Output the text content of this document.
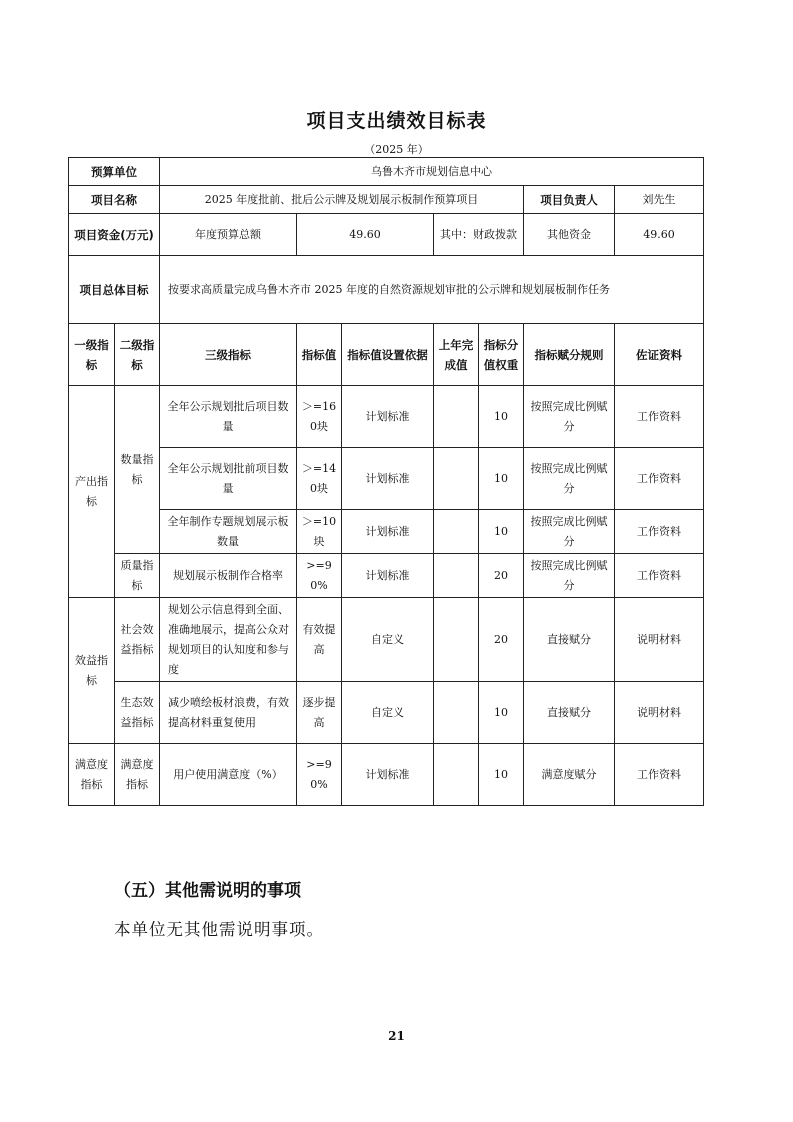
项目支出绩效目标表
（2025 年）
预算单位		乌鲁木齐市规划信息中心						
项目名称		2025 年度批前、批后公示牌及规划展示板制作预算项目					项目负责人	刘先生
项目资金(万元)		年度预算总额	49.60		其中：财政拨款		其他资金	49.60
项目总体目标		按要求高质量完成乌鲁木齐市 2025 年度的自然资源规划审批的公示牌和规划展板制作任务						
一级指标	二级指标	三级指标	指标值	指标值设置依据	上年完成值	指标分值权重	指标赋分规则	佐证资料
产出指标	数量指标	全年公示规划批后项目数量	＞=160块	计划标准		10	按照完成比例赋分	工作资料
		全年公示规划批前项目数量	＞=140块	计划标准		10	按照完成比例赋分	工作资料
		全年制作专题规划展示板数量	＞=10块	计划标准		10	按照完成比例赋分	工作资料
	质量指标	规划展示板制作合格率	>=90%	计划标准		20	按照完成比例赋分	工作资料
效益指标	社会效益指标	规划公示信息得到全面、准确地展示，提高公众对规划项目的认知度和参与度	有效提高	自定义		20	直接赋分	说明材料
	生态效益指标	减少喷绘板材浪费，有效提高材料重复使用	逐步提高	自定义		10	直接赋分	说明材料
满意度指标	满意度指标	用户使用满意度（%）	>=90%	计划标准		10	满意度赋分	工作资料
（五）其他需说明的事项
本单位无其他需说明事项。
21
